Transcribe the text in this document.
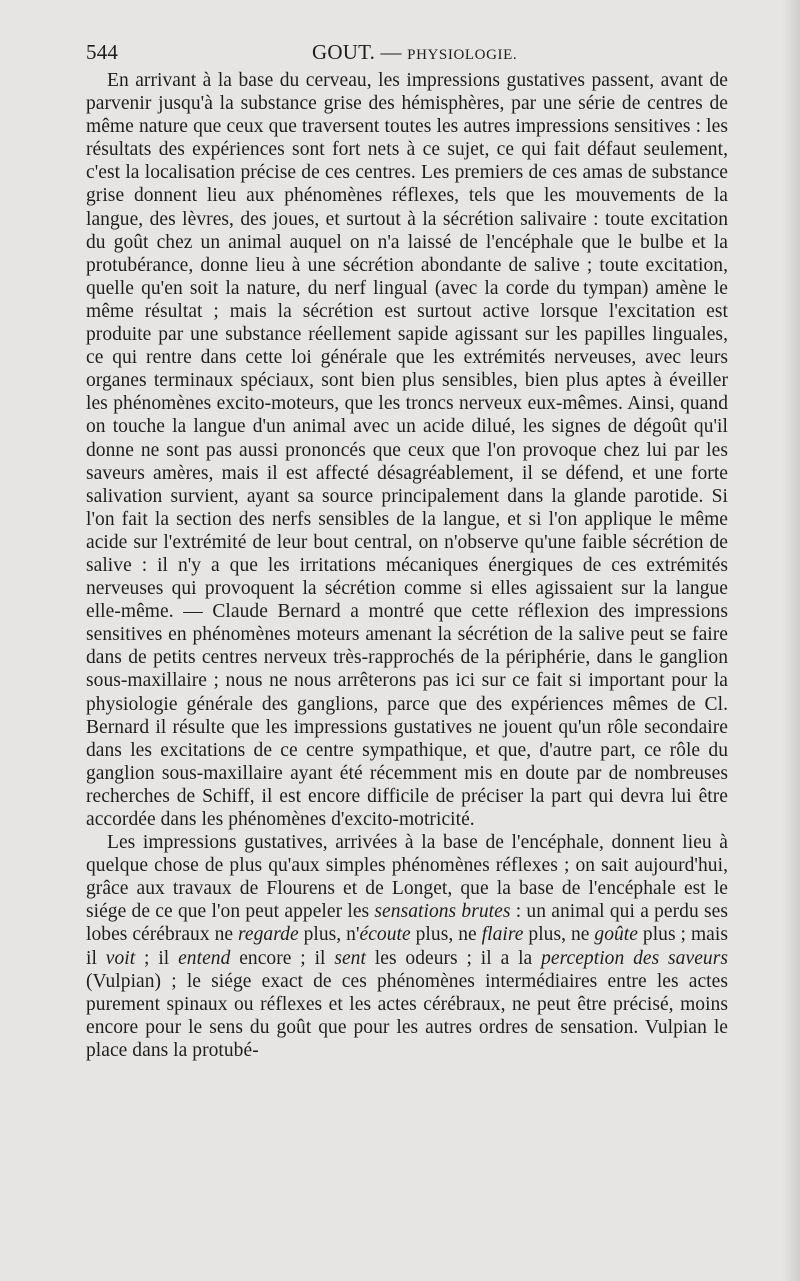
544	GOUT. — PHYSIOLOGIE.

En arrivant à la base du cerveau, les impressions gustatives passent, avant de parvenir jusqu'à la substance grise des hémisphères, par une série de centres de même nature que ceux que traversent toutes les autres impressions sensitives : les résultats des expériences sont fort nets à ce sujet, ce qui fait défaut seulement, c'est la localisation précise de ces centres. Les premiers de ces amas de substance grise donnent lieu aux phénomènes réflexes, tels que les mouvements de la langue, des lèvres, des joues, et surtout à la sécrétion salivaire : toute excitation du goût chez un animal auquel on n'a laissé de l'encéphale que le bulbe et la protubérance, donne lieu à une sécrétion abondante de salive ; toute excitation, quelle qu'en soit la nature, du nerf lingual (avec la corde du tympan) amène le même résultat ; mais la sécrétion est surtout active lorsque l'excitation est produite par une substance réellement sapide agissant sur les papilles linguales, ce qui rentre dans cette loi générale que les extrémités nerveuses, avec leurs organes terminaux spéciaux, sont bien plus sensibles, bien plus aptes à éveiller les phénomènes excito-moteurs, que les troncs nerveux eux-mêmes. Ainsi, quand on touche la langue d'un animal avec un acide dilué, les signes de dégoût qu'il donne ne sont pas aussi prononcés que ceux que l'on provoque chez lui par les saveurs amères, mais il est affecté désagréablement, il se défend, et une forte salivation survient, ayant sa source principalement dans la glande parotide. Si l'on fait la section des nerfs sensibles de la langue, et si l'on applique le même acide sur l'extrémité de leur bout central, on n'observe qu'une faible sécrétion de salive : il n'y a que les irritations mécaniques énergiques de ces extrémités nerveuses qui provoquent la sécrétion comme si elles agissaient sur la langue elle-même. — Claude Bernard a montré que cette réflexion des impressions sensitives en phénomènes moteurs amenant la sécrétion de la salive peut se faire dans de petits centres nerveux très-rapprochés de la périphérie, dans le ganglion sous-maxillaire ; nous ne nous arrêterons pas ici sur ce fait si important pour la physiologie générale des ganglions, parce que des expériences mêmes de Cl. Bernard il résulte que les impressions gustatives ne jouent qu'un rôle secondaire dans les excitations de ce centre sympathique, et que, d'autre part, ce rôle du ganglion sous-maxillaire ayant été récemment mis en doute par de nombreuses recherches de Schiff, il est encore difficile de préciser la part qui devra lui être accordée dans les phénomènes d'excito-motricité.

Les impressions gustatives, arrivées à la base de l'encéphale, donnent lieu à quelque chose de plus qu'aux simples phénomènes réflexes ; on sait aujourd'hui, grâce aux travaux de Flourens et de Longet, que la base de l'encéphale est le siége de ce que l'on peut appeler les sensations brutes : un animal qui a perdu ses lobes cérébraux ne regarde plus, n'écoute plus, ne flaire plus, ne goûte plus ; mais il voit ; il entend encore ; il sent les odeurs ; il a la perception des saveurs (Vulpian) ; le siége exact de ces phénomènes intermédiaires entre les actes purement spinaux ou réflexes et les actes cérébraux, ne peut être précisé, moins encore pour le sens du goût que pour les autres ordres de sensation. Vulpian le place dans la protubé-
